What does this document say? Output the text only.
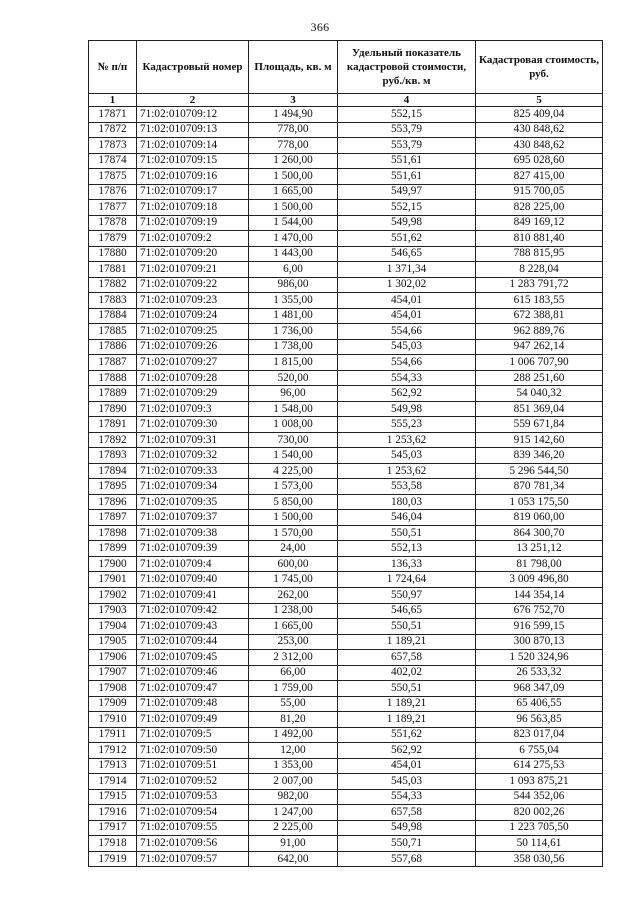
366
№ п/п	Кадастровый номер	Площадь, кв. м	Удельный показатель кадастровой стоимости, руб./кв. м	Кадастровая стоимость, руб.
1	2	3	4	5
17871	71:02:010709:12	1 494,90	552,15	825 409,04
17872	71:02:010709:13	778,00	553,79	430 848,62
17873	71:02:010709:14	778,00	553,79	430 848,62
17874	71:02:010709:15	1 260,00	551,61	695 028,60
17875	71:02:010709:16	1 500,00	551,61	827 415,00
17876	71:02:010709:17	1 665,00	549,97	915 700,05
17877	71:02:010709:18	1 500,00	552,15	828 225,00
17878	71:02:010709:19	1 544,00	549,98	849 169,12
17879	71:02:010709:2	1 470,00	551,62	810 881,40
17880	71:02:010709:20	1 443,00	546,65	788 815,95
17881	71:02:010709:21	6,00	1 371,34	8 228,04
17882	71:02:010709:22	986,00	1 302,02	1 283 791,72
17883	71:02:010709:23	1 355,00	454,01	615 183,55
17884	71:02:010709:24	1 481,00	454,01	672 388,81
17885	71:02:010709:25	1 736,00	554,66	962 889,76
17886	71:02:010709:26	1 738,00	545,03	947 262,14
17887	71:02:010709:27	1 815,00	554,66	1 006 707,90
17888	71:02:010709:28	520,00	554,33	288 251,60
17889	71:02:010709:29	96,00	562,92	54 040,32
17890	71:02:010709:3	1 548,00	549,98	851 369,04
17891	71:02:010709:30	1 008,00	555,23	559 671,84
17892	71:02:010709:31	730,00	1 253,62	915 142,60
17893	71:02:010709:32	1 540,00	545,03	839 346,20
17894	71:02:010709:33	4 225,00	1 253,62	5 296 544,50
17895	71:02:010709:34	1 573,00	553,58	870 781,34
17896	71:02:010709:35	5 850,00	180,03	1 053 175,50
17897	71:02:010709:37	1 500,00	546,04	819 060,00
17898	71:02:010709:38	1 570,00	550,51	864 300,70
17899	71:02:010709:39	24,00	552,13	13 251,12
17900	71:02:010709:4	600,00	136,33	81 798,00
17901	71:02:010709:40	1 745,00	1 724,64	3 009 496,80
17902	71:02:010709:41	262,00	550,97	144 354,14
17903	71:02:010709:42	1 238,00	546,65	676 752,70
17904	71:02:010709:43	1 665,00	550,51	916 599,15
17905	71:02:010709:44	253,00	1 189,21	300 870,13
17906	71:02:010709:45	2 312,00	657,58	1 520 324,96
17907	71:02:010709:46	66,00	402,02	26 533,32
17908	71:02:010709:47	1 759,00	550,51	968 347,09
17909	71:02:010709:48	55,00	1 189,21	65 406,55
17910	71:02:010709:49	81,20	1 189,21	96 563,85
17911	71:02:010709:5	1 492,00	551,62	823 017,04
17912	71:02:010709:50	12,00	562,92	6 755,04
17913	71:02:010709:51	1 353,00	454,01	614 275,53
17914	71:02:010709:52	2 007,00	545,03	1 093 875,21
17915	71:02:010709:53	982,00	554,33	544 352,06
17916	71:02:010709:54	1 247,00	657,58	820 002,26
17917	71:02:010709:55	2 225,00	549,98	1 223 705,50
17918	71:02:010709:56	91,00	550,71	50 114,61
17919	71:02:010709:57	642,00	557,68	358 030,56
